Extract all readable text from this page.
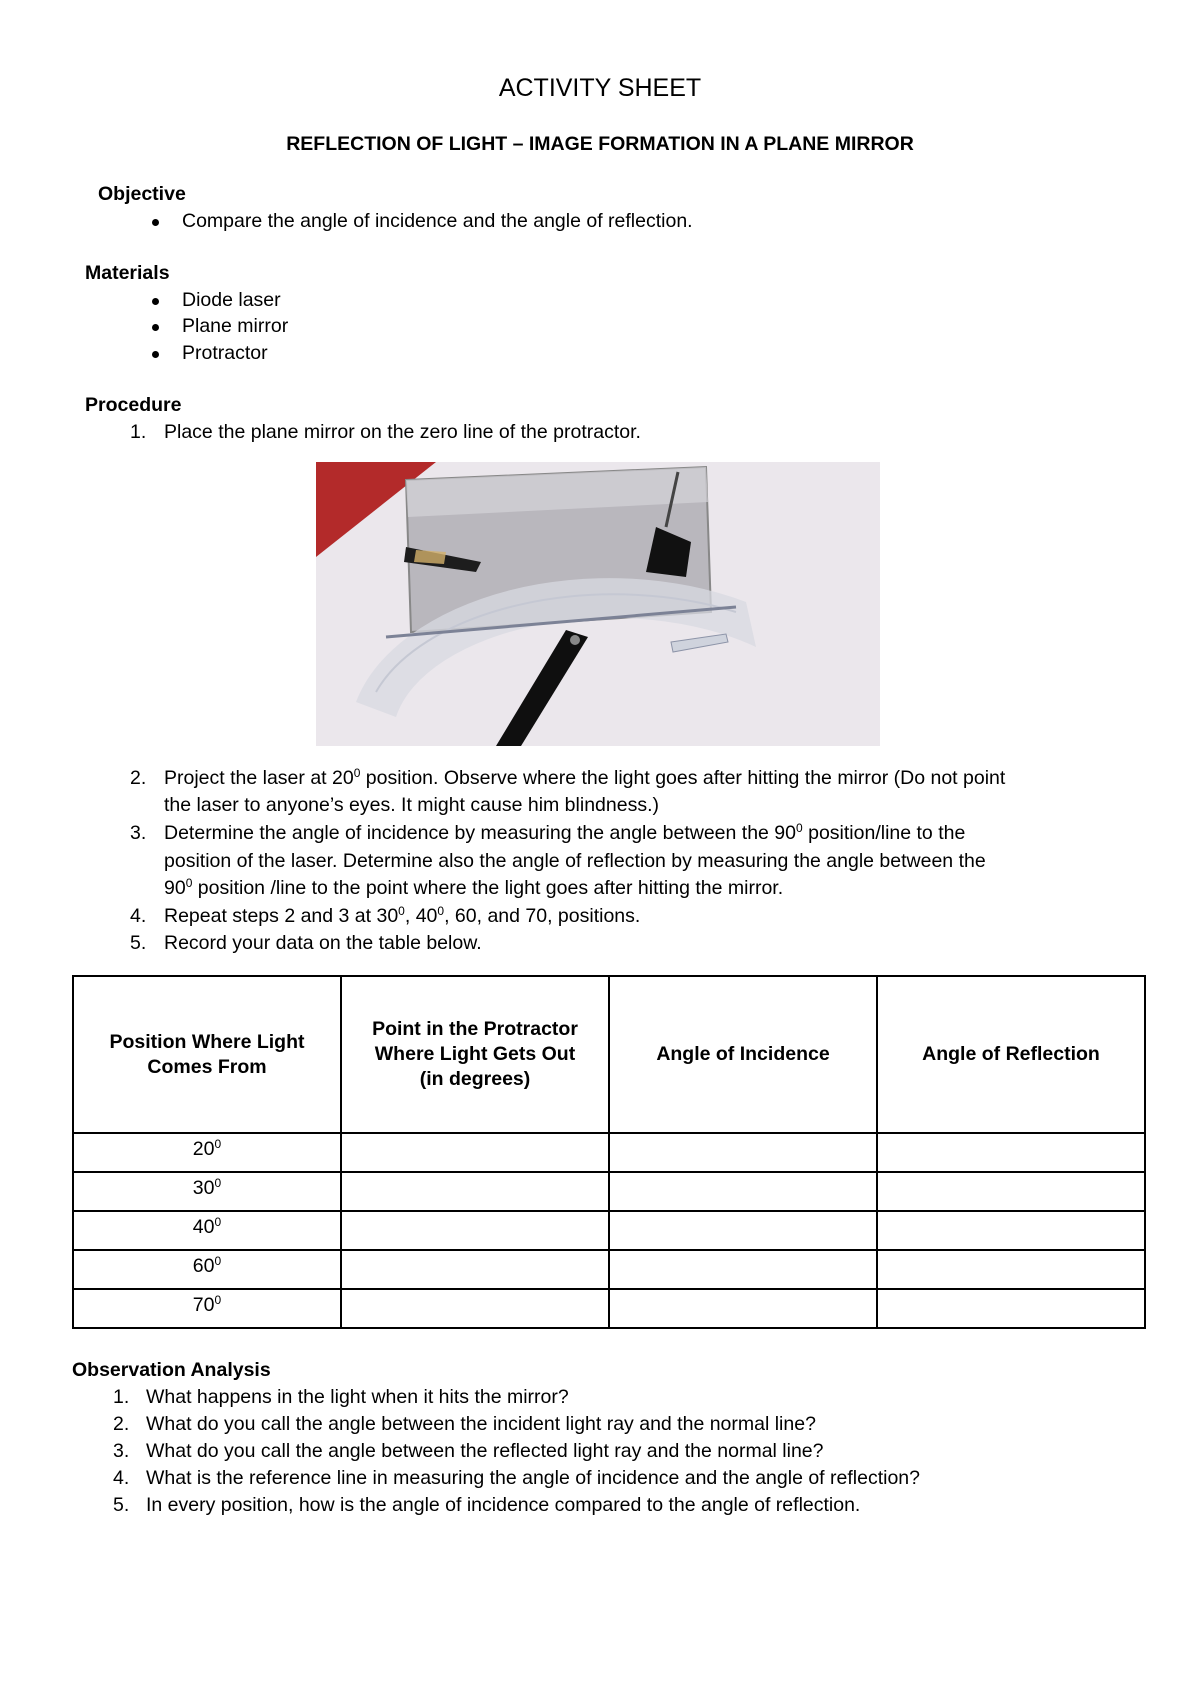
ACTIVITY SHEET
REFLECTION OF LIGHT – IMAGE FORMATION IN A PLANE MIRROR
Objective
Compare the angle of incidence and the angle of reflection.
Materials
Diode laser
Plane mirror
Protractor
Procedure
1. Place the plane mirror on the zero line of the protractor.
2. Project the laser at $20^0$ position. Observe where the light goes after hitting the mirror (Do not point
the laser to anyone’s eyes. It might cause him blindness.)
3. Determine the angle of incidence by measuring the angle between the $90^0$ position/line to the
position of the laser. Determine also the angle of reflection by measuring the angle between the
$90^0$ position /line to the point where the light goes after hitting the mirror.
4. Repeat steps 2 and 3 at $30^0$, $40^0$, 60, and 70, positions.
5. Record your data on the table below.
Position Where Light
Comes From	Point in the Protractor
Where Light Gets Out
(in degrees)	Angle of Incidence	Angle of Reflection

$20^0$

$30^0$

$40^0$

$60^0$

$70^0$

Observation Analysis
1. What happens in the light when it hits the mirror?
2. What do you call the angle between the incident light ray and the normal line?
3. What do you call the angle between the reflected light ray and the normal line?
4. What is the reference line in measuring the angle of incidence and the angle of reflection?
5. In every position, how is the angle of incidence compared to the angle of reflection.
